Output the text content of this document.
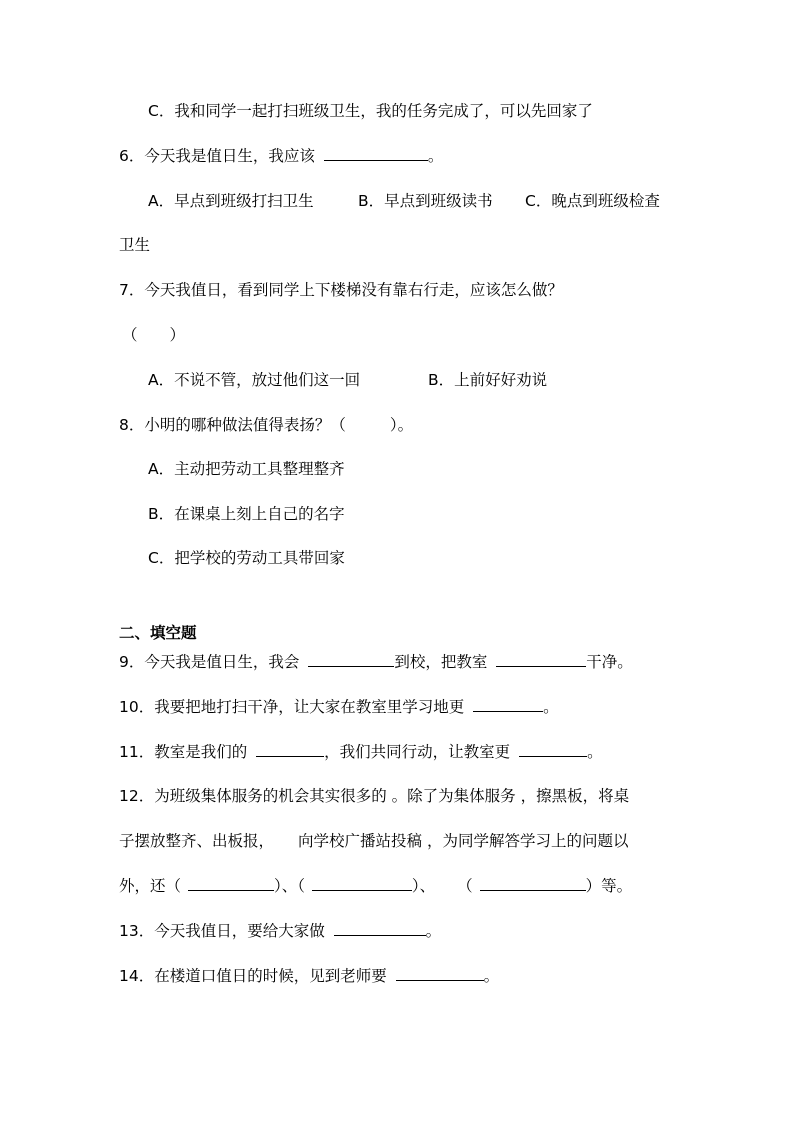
C．我和同学一起打扫班级卫生，我的任务完成了，可以先回家了
6．今天我是值日生，我应该	。
A．早点到班级打扫卫生	B．早点到班级读书 C．晚点到班级检查
卫生
7．今天我值日，看到同学上下楼梯没有靠右行走，应该怎么做？
（ ）
A．不说不管，放过他们这一回	B．上前好好劝说
8．小明的哪种做法值得表扬？（	）。
A．主动把劳动工具整理整齐
B．在课桌上刻上自己的名字
C．把学校的劳动工具带回家
二、填空题
9．今天我是值日生，我会	到校，把教室	干净。
10．我要把地打扫干净，让大家在教室里学习地更	。
11．教室是我们的	，我们共同行动，让教室更	。
12．为班级集体服务的机会其实很多的 。除了为集体服务 ，擦黑板，将桌
子摆放整齐、出板报， 向学校广播站投稿 ，为同学解答学习上的问题以
外，还（	）、（	）、 （	）等。
13．今天我值日，要给大家做	。
14．在楼道口值日的时候，见到老师要	。
